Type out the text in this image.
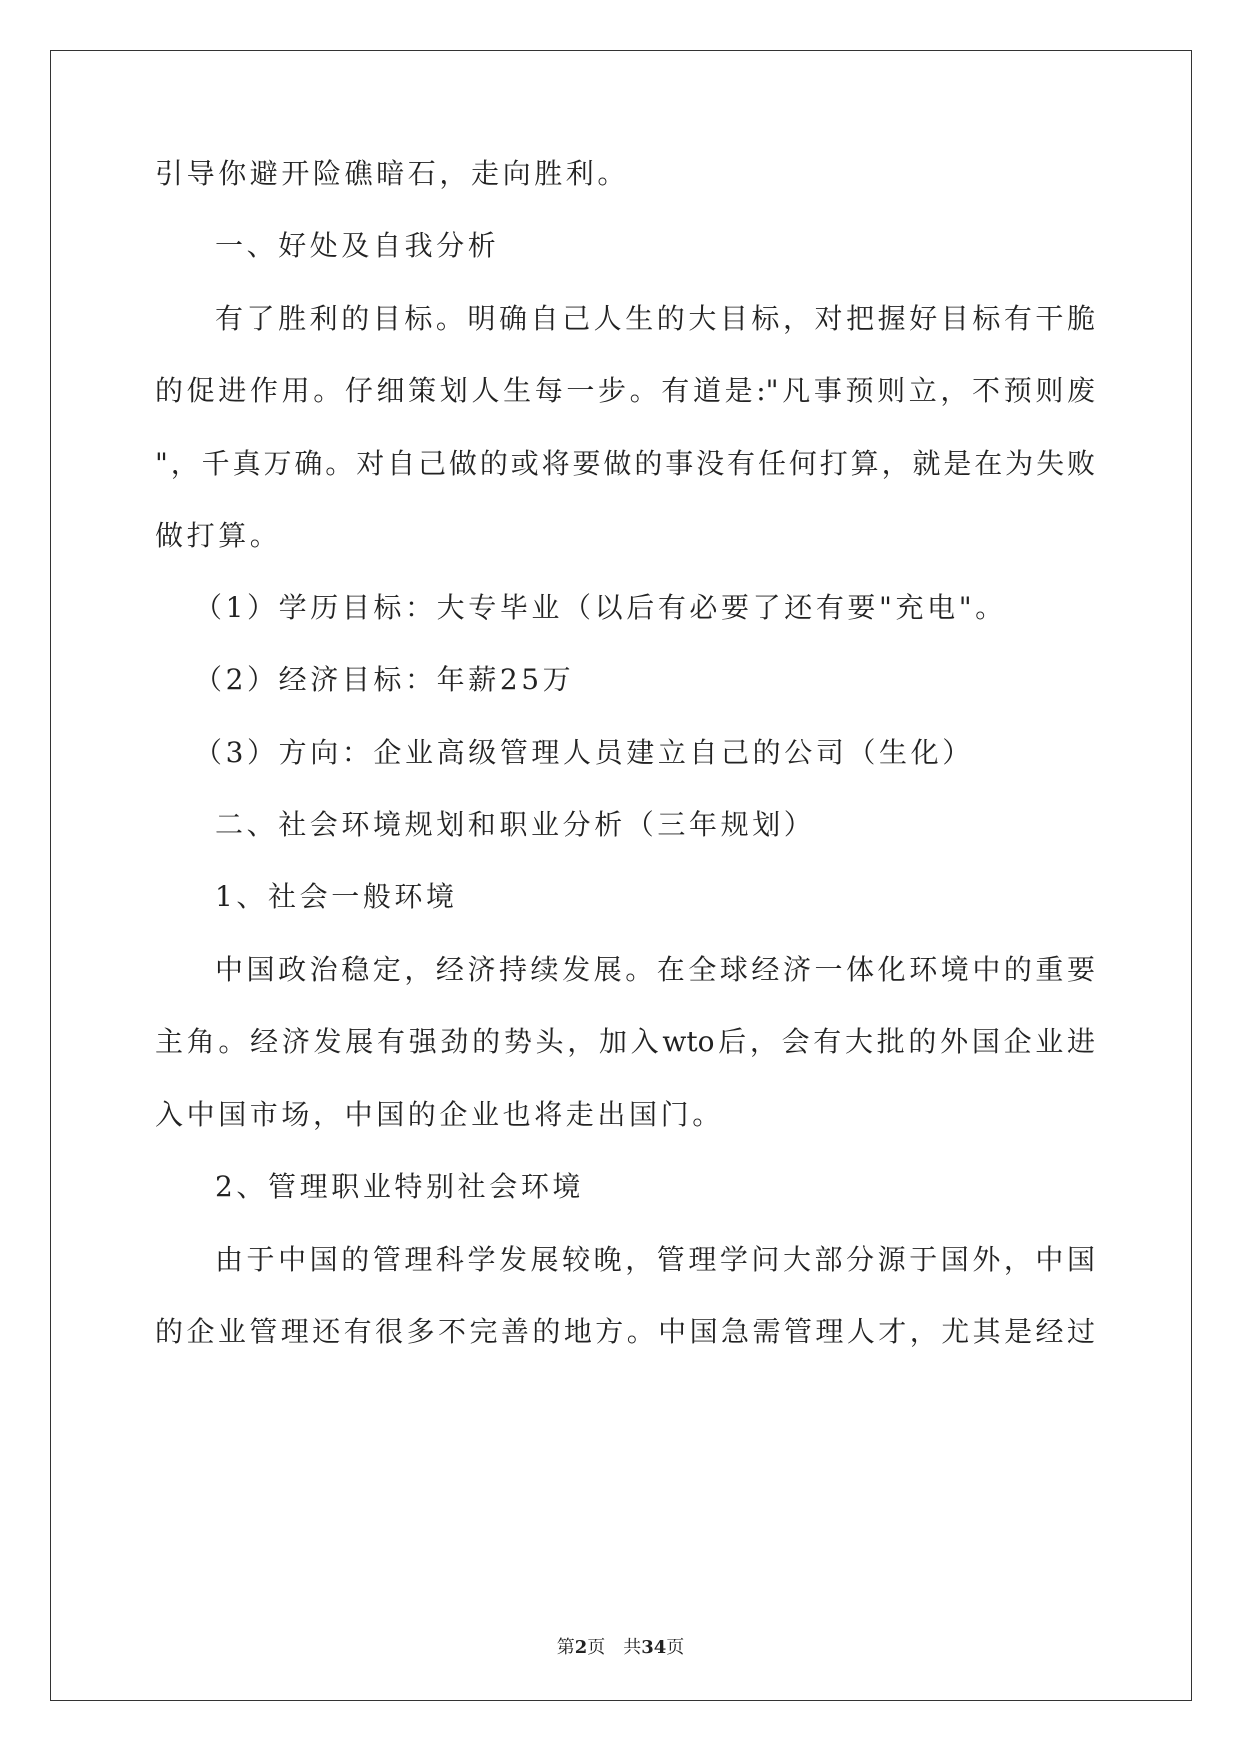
引导你避开险礁暗石，走向胜利。
一、好处及自我分析
有了胜利的目标。明确自己人生的大目标，对把握好目标有干脆
的促进作用。仔细策划人生每一步。有道是:"凡事预则立，不预则废
"，千真万确。对自己做的或将要做的事没有任何打算，就是在为失败
做打算。
（1）学历目标：大专毕业（以后有必要了还有要"充电"。
（2）经济目标：年薪25万
（3）方向：企业高级管理人员建立自己的公司（生化）
二、社会环境规划和职业分析（三年规划）
1、社会一般环境
中国政治稳定，经济持续发展。在全球经济一体化环境中的重要
主角。经济发展有强劲的势头，加入wto后，会有大批的外国企业进
入中国市场，中国的企业也将走出国门。
2、管理职业特别社会环境
由于中国的管理科学发展较晚，管理学问大部分源于国外，中国
的企业管理还有很多不完善的地方。中国急需管理人才，尤其是经过
第2页　共34页
